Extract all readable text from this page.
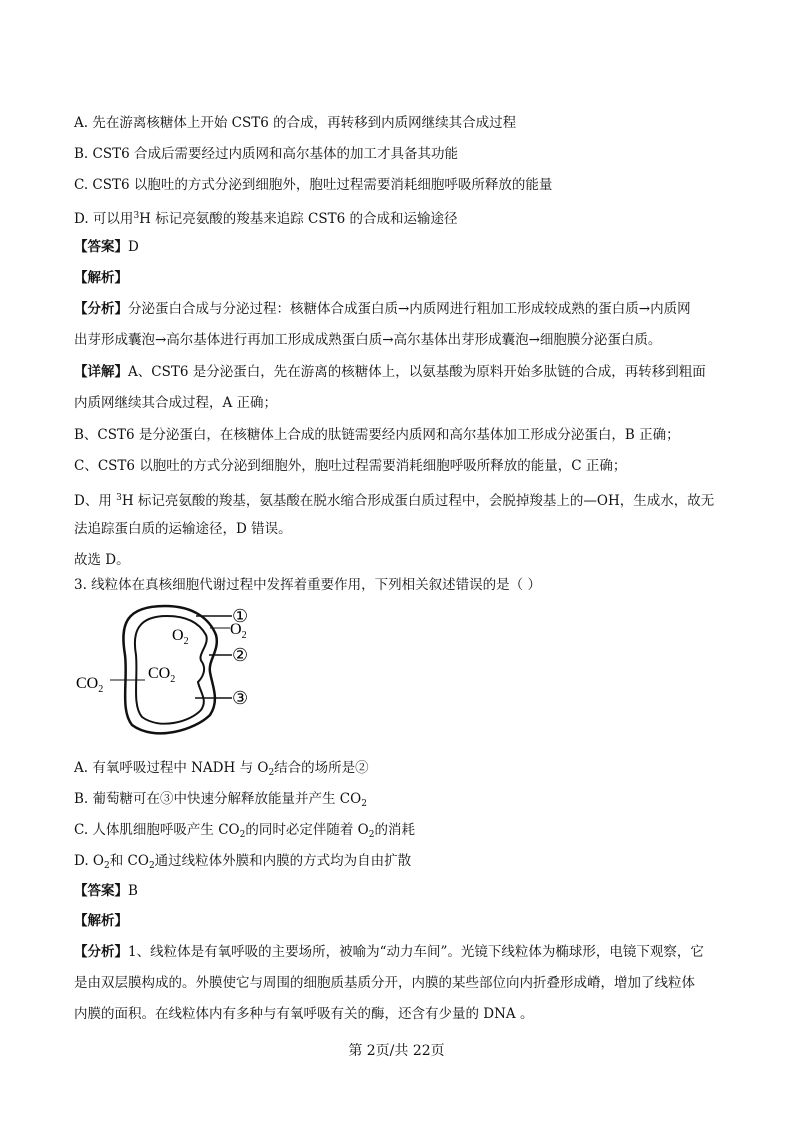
A. 先在游离核糖体上开始 CST6 的合成，再转移到内质网继续其合成过程
B. CST6 合成后需要经过内质网和高尔基体的加工才具备其功能
C. CST6 以胞吐的方式分泌到细胞外，胞吐过程需要消耗细胞呼吸所释放的能量
D. 可以用$^3$H 标记亮氨酸的羧基来追踪 CST6 的合成和运输途径
【答案】D
【解析】
【分析】分泌蛋白合成与分泌过程：核糖体合成蛋白质→内质网进行粗加工形成较成熟的蛋白质→内质网
出芽形成囊泡→高尔基体进行再加工形成成熟蛋白质→高尔基体出芽形成囊泡→细胞膜分泌蛋白质。
【详解】A、CST6 是分泌蛋白，先在游离的核糖体上，以氨基酸为原料开始多肽链的合成，再转移到粗面
内质网继续其合成过程，A 正确；
B、CST6 是分泌蛋白，在核糖体上合成的肽链需要经内质网和高尔基体加工形成分泌蛋白，B 正确；
C、CST6 以胞吐的方式分泌到细胞外，胞吐过程需要消耗细胞呼吸所释放的能量，C 正确；
D、用 $^3$H 标记亮氨酸的羧基，氨基酸在脱水缩合形成蛋白质过程中，会脱掉羧基上的—OH，生成水，故无
法追踪蛋白质的运输途径，D 错误。
故选 D。
3. 线粒体在真核细胞代谢过程中发挥着重要作用，下列相关叙述错误的是（ ）
$O_2$
$O_2$
$CO_2$
$CO_2$
①
②
③
A. 有氧呼吸过程中 NADH 与 $O_2$结合的场所是②
B. 葡萄糖可在③中快速分解释放能量并产生 $CO_2$
C. 人体肌细胞呼吸产生 $CO_2$的同时必定伴随着 $O_2$的消耗
D. $O_2$和 $CO_2$通过线粒体外膜和内膜的方式均为自由扩散
【答案】B
【解析】
【分析】1、线粒体是有氧呼吸的主要场所，被喻为“动力车间”。光镜下线粒体为椭球形，电镜下观察，它
是由双层膜构成的。外膜使它与周围的细胞质基质分开，内膜的某些部位向内折叠形成嵴，增加了线粒体
内膜的面积。在线粒体内有多种与有氧呼吸有关的酶，还含有少量的 DNA 。
第 2页/共 22页
